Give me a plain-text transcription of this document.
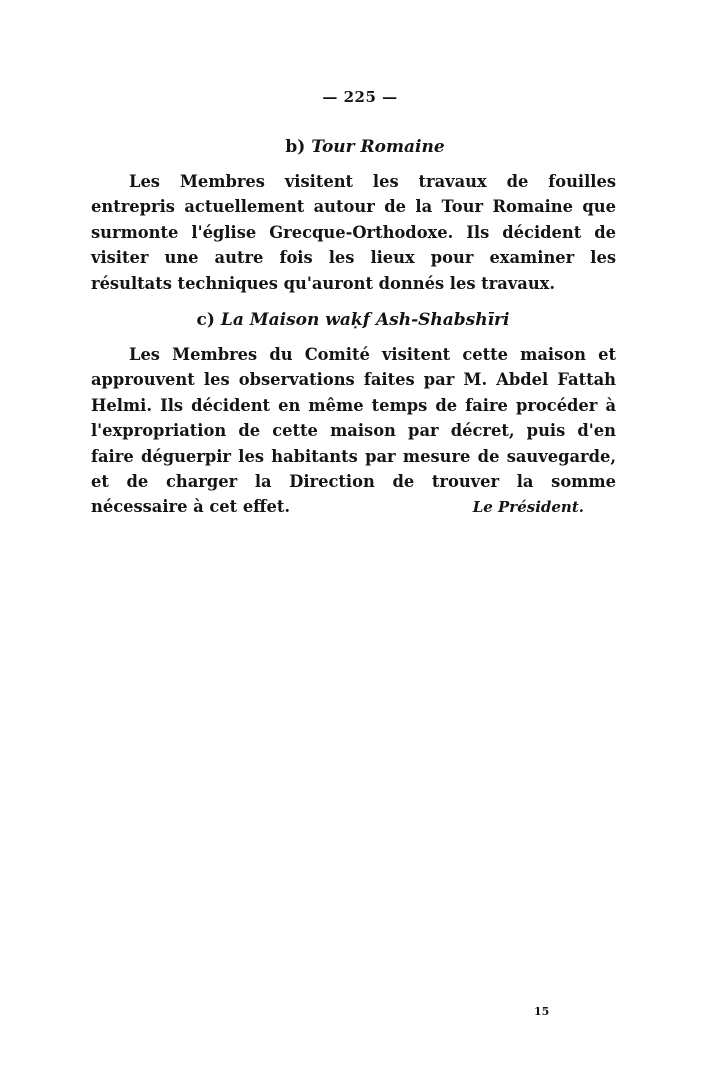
— 225 —
b) Tour Romaine

Les Membres visitent les travaux de fouilles entrepris actuellement autour de la Tour Romaine que surmonte l'église Grecque-Orthodoxe. Ils décident de visiter une autre fois les lieux pour examiner les résultats techniques qu'auront donnés les travaux.

c) La Maison waḳf Ash-Shabshīri

Les Membres du Comité visitent cette maison et approuvent les observations faites par M. Abdel Fattah Helmi. Ils décident en même temps de faire procéder à l'expropriation de cette maison par décret, puis d'en faire déguerpir les habitants par mesure de sauvegarde, et de charger la Direction de trouver la somme nécessaire à cet effet.	Le Président.
15
